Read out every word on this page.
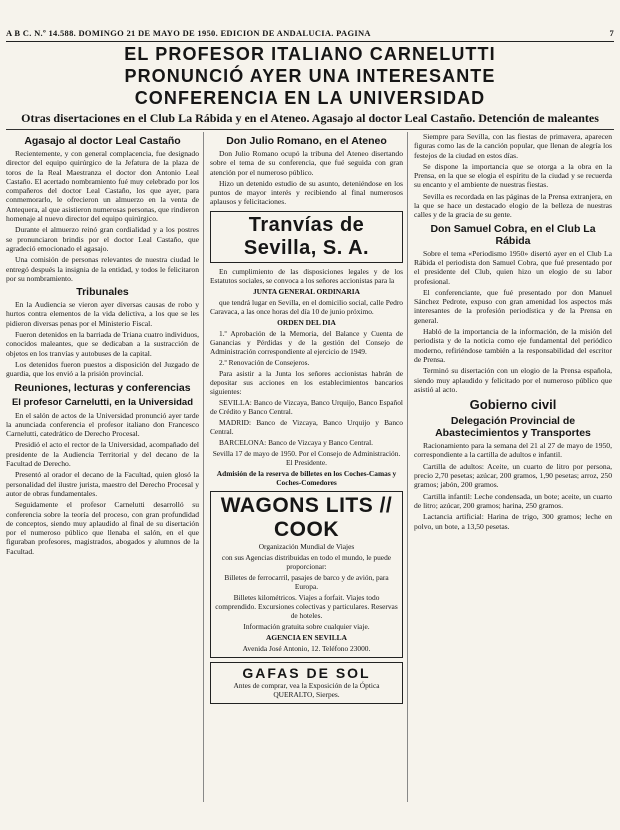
A B C. N.º 14.588. DOMINGO 21 DE MAYO DE 1950. EDICION DE ANDALUCIA. PAGINA	7
EL PROFESOR ITALIANO CARNELUTTI
PRONUNCIÓ AYER UNA INTERESANTE
CONFERENCIA EN LA UNIVERSIDAD
Otras disertaciones en el Club La Rábida y en el Ateneo. Agasajo al doctor Leal Castaño. Detención de maleantes
Agasajo al doctor Leal Castaño

Recientemente, y con general complacencia, fue designado director del equipo quirúrgico de la Jefatura de la plaza de toros de la Real Maestranza el doctor don Antonio Leal Castaño. El acertado nombramiento fué muy celebrado por los compañeros del doctor Leal Castaño, los que ayer, para conmemorarlo, le ofrecieron un almuerzo en la venta de Antequera, al que asistieron numerosas personas, que rindieron homenaje al nuevo director del equipo quirúrgico.

Durante el almuerzo reinó gran cordialidad y a los postres se pronunciaron brindis por el doctor Leal Castaño, que agradeció emocionado el agasajo.

Una comisión de personas relevantes de nuestra ciudad le entregó después la insignia de la entidad, y todos le felicitaron por su nombramiento.

Tribunales

En la Audiencia se vieron ayer diversas causas de robo y hurtos contra elementos de la vida delictiva, a los que se les pidieron diversas penas por el Ministerio Fiscal.

Fueron detenidos en la barriada de Triana cuatro individuos, conocidos maleantes, que se dedicaban a la sustracción de objetos en los tranvías y autobuses de la capital.

Los detenidos fueron puestos a disposición del Juzgado de guardia, que los envió a la prisión provincial.

Reuniones, lecturas y conferencias
El profesor Carnelutti, en la Universidad

En el salón de actos de la Universidad pronunció ayer tarde la anunciada conferencia el profesor italiano don Francesco Carnelutti, catedrático de Derecho Procesal.

Presidió el acto el rector de la Universidad, acompañado del presidente de la Audiencia Territorial y del decano de la Facultad de Derecho.

Presentó al orador el decano de la Facultad, quien glosó la personalidad del ilustre jurista, maestro del Derecho Procesal y autor de obras fundamentales.

Seguidamente el profesor Carnelutti desarrolló su conferencia sobre la teoría del proceso, con gran profundidad de conceptos, siendo muy aplaudido al final de su disertación por el numeroso público que llenaba el salón, en el que figuraban profesores, magistrados, abogados y alumnos de la Facultad.

Don Julio Romano, en el Ateneo

Don Julio Romano ocupó la tribuna del Ateneo disertando sobre el tema de su conferencia, que fué seguida con gran atención por el numeroso público.

Hizo un detenido estudio de su asunto, deteniéndose en los puntos de mayor interés y recibiendo al final numerosos aplausos y felicitaciones.

Tranvías de Sevilla, S. A.

En cumplimiento de las disposiciones legales y de los Estatutos sociales, se convoca a los señores accionistas para la

JUNTA GENERAL ORDINARIA

que tendrá lugar en Sevilla, en el domicilio social, calle Pedro Caravaca, a las once horas del día 10 de junio próximo.

ORDEN DEL DIA

1.º Aprobación de la Memoria, del Balance y Cuenta de Ganancias y Pérdidas y de la gestión del Consejo de Administración correspondiente al ejercicio de 1949.

2.º Renovación de Consejeros.

Para asistir a la Junta los señores accionistas habrán de depositar sus acciones en los establecimientos bancarios siguientes:

SEVILLA: Banco de Vizcaya, Banco Urquijo, Banco Español de Crédito y Banco Central.

MADRID: Banco de Vizcaya, Banco Urquijo y Banco Central.

BARCELONA: Banco de Vizcaya y Banco Central.

Sevilla 17 de mayo de 1950. Por el Consejo de Administración. El Presidente.

Admisión de la reserva de billetes en los Coches-Camas y Coches-Comedores

WAGONS LITS // COOK

Organización Mundial de Viajes

con sus Agencias distribuidas en todo el mundo, le puede proporcionar:

Billetes de ferrocarril, pasajes de barco y de avión, para Europa.

Billetes kilométricos. Viajes a forfait. Viajes todo comprendido. Excursiones colectivas y particulares. Reservas de hoteles.

Información gratuita sobre cualquier viaje.

AGENCIA EN SEVILLA

Avenida José Antonio, 12. Teléfono 23000.

GAFAS DE SOL

Antes de comprar, vea la Exposición de la Óptica QUERALTO, Sierpes.

Siempre para Sevilla, con las fiestas de primavera, aparecen figuras como las de la canción popular, que llenan de alegría los festejos de la ciudad en estos días.

Se dispone la importancia que se otorga a la obra en la Prensa, en la que se elogia el espíritu de la ciudad y se recuerda su encanto y el ambiente de nuestras fiestas.

Sevilla es recordada en las páginas de la Prensa extranjera, en la que se hace un destacado elogio de la belleza de nuestras calles y de la gracia de su gente.

Don Samuel Cobra, en el Club La Rábida

Sobre el tema «Periodismo 1950» disertó ayer en el Club La Rábida el periodista don Samuel Cobra, que fué presentado por el presidente del Club, quien hizo un elogio de su labor profesional.

El conferenciante, que fué presentado por don Manuel Sánchez Pedrote, expuso con gran amenidad los aspectos más interesantes de la profesión periodística y de la Prensa en general.

Habló de la importancia de la información, de la misión del periodista y de la noticia como eje fundamental del periódico moderno, refiriéndose también a la responsabilidad del escritor de Prensa.

Terminó su disertación con un elogio de la Prensa española, siendo muy aplaudido y felicitado por el numeroso público que asistió al acto.

Gobierno civil
Delegación Provincial de Abastecimientos y Transportes

Racionamiento para la semana del 21 al 27 de mayo de 1950, correspondiente a la cartilla de adultos e infantil.

Cartilla de adultos: Aceite, un cuarto de litro por persona, precio 2,70 pesetas; azúcar, 200 gramos, 1,90 pesetas; arroz, 250 gramos; jabón, 200 gramos.

Cartilla infantil: Leche condensada, un bote; aceite, un cuarto de litro; azúcar, 200 gramos; harina, 250 gramos.

Lactancia artificial: Harina de trigo, 300 gramos; leche en polvo, un bote, a 13,50 pesetas.
